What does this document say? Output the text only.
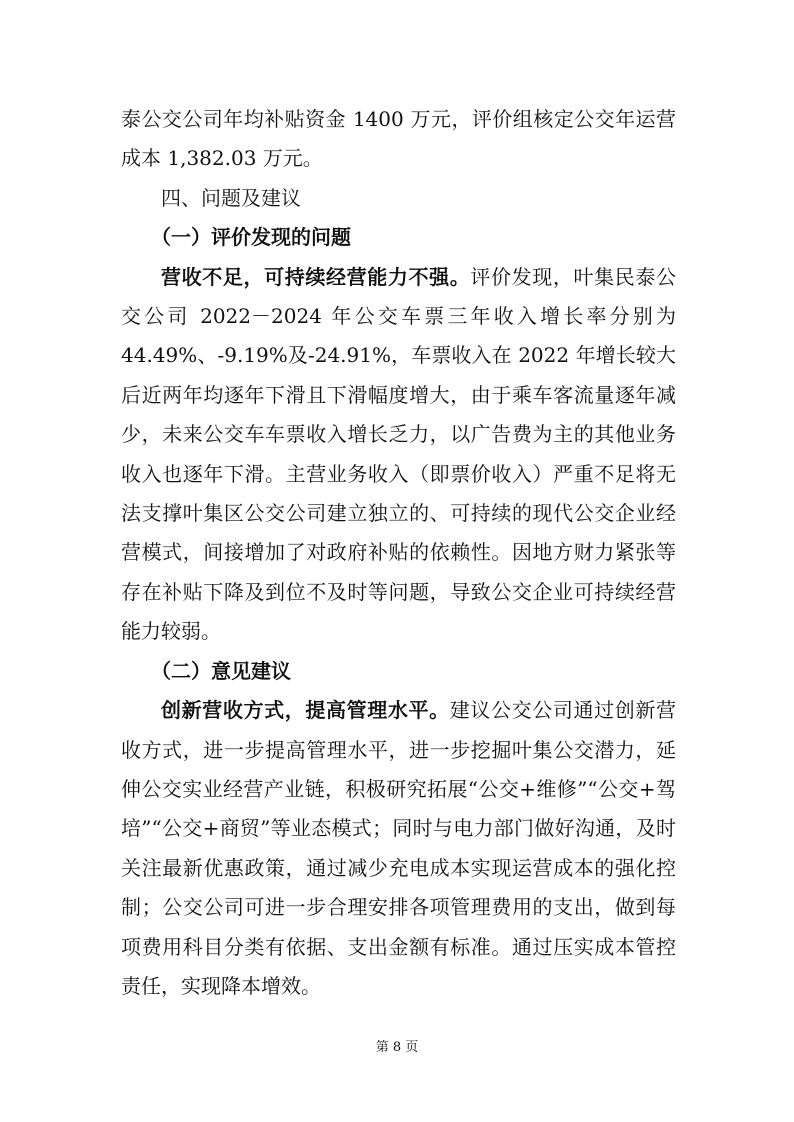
泰公交公司年均补贴资金 1400 万元，评价组核定公交年运营成本 1,382.03 万元。

四、问题及建议

（一）评价发现的问题

营收不足，可持续经营能力不强。评价发现，叶集民泰公交公司 2022－2024 年公交车票三年收入增长率分别为 44.49%、-9.19%及-24.91%，车票收入在 2022 年增长较大后近两年均逐年下滑且下滑幅度增大，由于乘车客流量逐年减少，未来公交车车票收入增长乏力，以广告费为主的其他业务收入也逐年下滑。主营业务收入（即票价收入）严重不足将无法支撑叶集区公交公司建立独立的、可持续的现代公交企业经营模式，间接增加了对政府补贴的依赖性。因地方财力紧张等存在补贴下降及到位不及时等问题，导致公交企业可持续经营能力较弱。

（二）意见建议

创新营收方式，提高管理水平。建议公交公司通过创新营收方式，进一步提高管理水平，进一步挖掘叶集公交潜力，延伸公交实业经营产业链，积极研究拓展“公交+维修”“公交+驾培”“公交+商贸”等业态模式；同时与电力部门做好沟通，及时关注最新优惠政策，通过减少充电成本实现运营成本的强化控制；公交公司可进一步合理安排各项管理费用的支出，做到每项费用科目分类有依据、支出金额有标准。通过压实成本管控责任，实现降本增效。

第 8 页
